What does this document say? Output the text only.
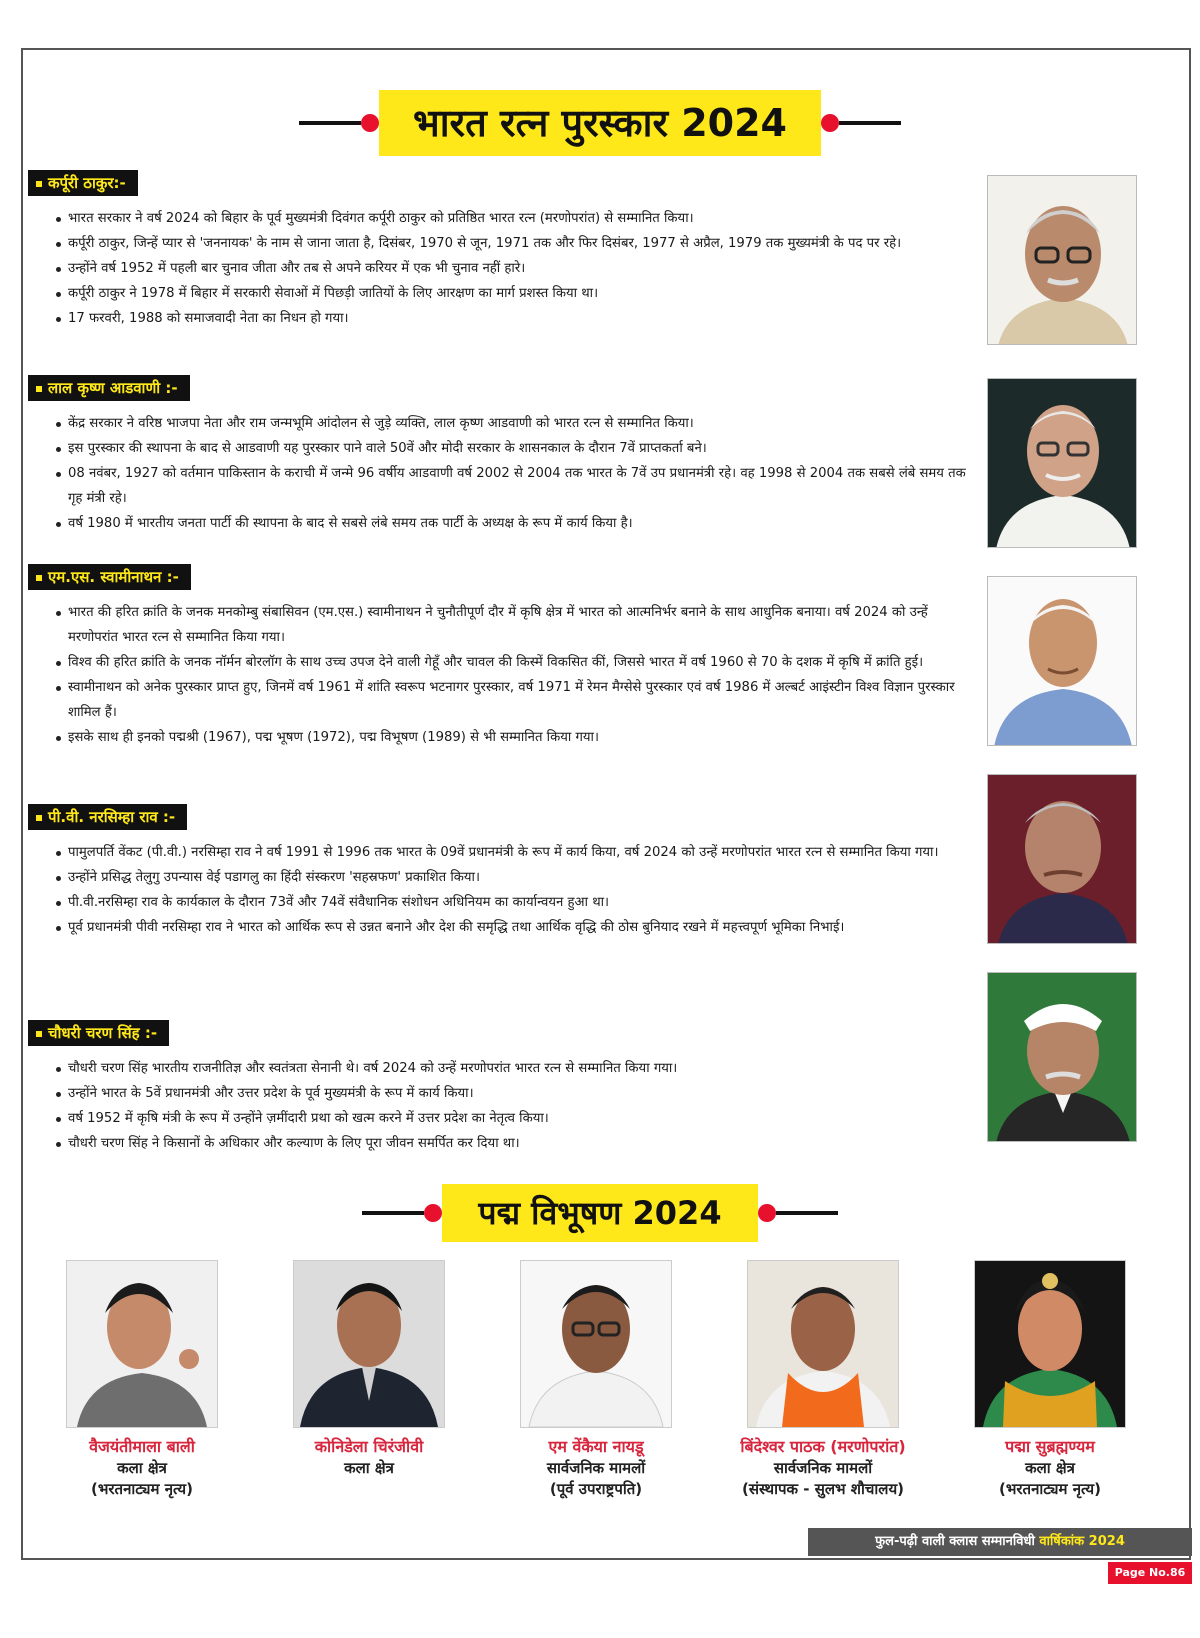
भारत रत्न पुरस्कार 2024
कर्पूरी ठाकुर:-
भारत सरकार ने वर्ष 2024 को बिहार के पूर्व मुख्यमंत्री दिवंगत कर्पूरी ठाकुर को प्रतिष्ठित भारत रत्न (मरणोपरांत) से सम्मानित किया।
कर्पूरी ठाकुर, जिन्हें प्यार से 'जननायक' के नाम से जाना जाता है, दिसंबर, 1970 से जून, 1971 तक और फिर दिसंबर, 1977 से अप्रैल, 1979 तक मुख्यमंत्री के पद पर रहे।
उन्होंने वर्ष 1952 में पहली बार चुनाव जीता और तब से अपने करियर में एक भी चुनाव नहीं हारे।
कर्पूरी ठाकुर ने 1978 में बिहार में सरकारी सेवाओं में पिछड़ी जातियों के लिए आरक्षण का मार्ग प्रशस्त किया था।
17 फरवरी, 1988 को समाजवादी नेता का निधन हो गया।
लाल कृष्ण आडवाणी :-
केंद्र सरकार ने वरिष्ठ भाजपा नेता और राम जन्मभूमि आंदोलन से जुड़े व्यक्ति, लाल कृष्ण आडवाणी को भारत रत्न से सम्मानित किया।
इस पुरस्कार की स्थापना के बाद से आडवाणी यह पुरस्कार पाने वाले 50वें और मोदी सरकार के शासनकाल के दौरान 7वें प्राप्तकर्ता बने।
08 नवंबर, 1927 को वर्तमान पाकिस्तान के कराची में जन्मे 96 वर्षीय आडवाणी वर्ष 2002 से 2004 तक भारत के 7वें उप प्रधानमंत्री रहे। वह 1998 से 2004 तक सबसे लंबे समय तक गृह मंत्री रहे।
वर्ष 1980 में भारतीय जनता पार्टी की स्थापना के बाद से सबसे लंबे समय तक पार्टी के अध्यक्ष के रूप में कार्य किया है।
एम.एस. स्वामीनाथन :-
भारत की हरित क्रांति के जनक मनकोम्बु संबासिवन (एम.एस.) स्वामीनाथन ने चुनौतीपूर्ण दौर में कृषि क्षेत्र में भारत को आत्मनिर्भर बनाने के साथ आधुनिक बनाया। वर्ष 2024 को उन्हें मरणोपरांत भारत रत्न से सम्मानित किया गया।
विश्व की हरित क्रांति के जनक नॉर्मन बोरलॉग के साथ उच्च उपज देने वाली गेहूँ और चावल की किस्में विकसित कीं, जिससे भारत में वर्ष 1960 से 70 के दशक में कृषि में क्रांति हुई।
स्वामीनाथन को अनेक पुरस्कार प्राप्त हुए, जिनमें वर्ष 1961 में शांति स्वरूप भटनागर पुरस्कार, वर्ष 1971 में रेमन मैग्सेसे पुरस्कार एवं वर्ष 1986 में अल्बर्ट आइंस्टीन विश्व विज्ञान पुरस्कार शामिल हैं।
इसके साथ ही इनको पद्मश्री (1967), पद्म भूषण (1972), पद्म विभूषण (1989) से भी सम्मानित किया गया।
पी.वी. नरसिम्हा राव :-
पामुलपर्ति वेंकट (पी.वी.) नरसिम्हा राव ने वर्ष 1991 से 1996 तक भारत के 09वें प्रधानमंत्री के रूप में कार्य किया, वर्ष 2024 को उन्हें मरणोपरांत भारत रत्न से सम्मानित किया गया।
उन्होंने प्रसिद्ध तेलुगु उपन्यास वेई पडागलु का हिंदी संस्करण 'सहस्रफण' प्रकाशित किया।
पी.वी.नरसिम्हा राव के कार्यकाल के दौरान 73वें और 74वें संवैधानिक संशोधन अधिनियम का कार्यान्वयन हुआ था।
पूर्व प्रधानमंत्री पीवी नरसिम्हा राव ने भारत को आर्थिक रूप से उन्नत बनाने और देश की समृद्धि तथा आर्थिक वृद्धि की ठोस बुनियाद रखने में महत्त्वपूर्ण भूमिका निभाई।
चौधरी चरण सिंह :-
चौधरी चरण सिंह भारतीय राजनीतिज्ञ और स्वतंत्रता सेनानी थे। वर्ष 2024 को उन्हें मरणोपरांत भारत रत्न से सम्मानित किया गया।
उन्होंने भारत के 5वें प्रधानमंत्री और उत्तर प्रदेश के पूर्व मुख्यमंत्री के रूप में कार्य किया।
वर्ष 1952 में कृषि मंत्री के रूप में उन्होंने ज़मींदारी प्रथा को खत्म करने में उत्तर प्रदेश का नेतृत्व किया।
चौधरी चरण सिंह ने किसानों के अधिकार और कल्याण के लिए पूरा जीवन समर्पित कर दिया था।
पद्म विभूषण 2024
वैजयंतीमाला बाली
कला क्षेत्र
(भरतनाट्यम नृत्य)
कोनिडेला चिरंजीवी
कला क्षेत्र
एम वेंकैया नायडू
सार्वजनिक मामलों
(पूर्व उपराष्ट्रपति)
बिंदेश्वर पाठक (मरणोपरांत)
सार्वजनिक मामलों
(संस्थापक - सुलभ शौचालय)
पद्मा सुब्रह्मण्यम
कला क्षेत्र
(भरतनाट्यम नृत्य)
फुल-पढ़ी वाली क्लास सम्मानविधी वार्षिकांक 2024
Page No.86
